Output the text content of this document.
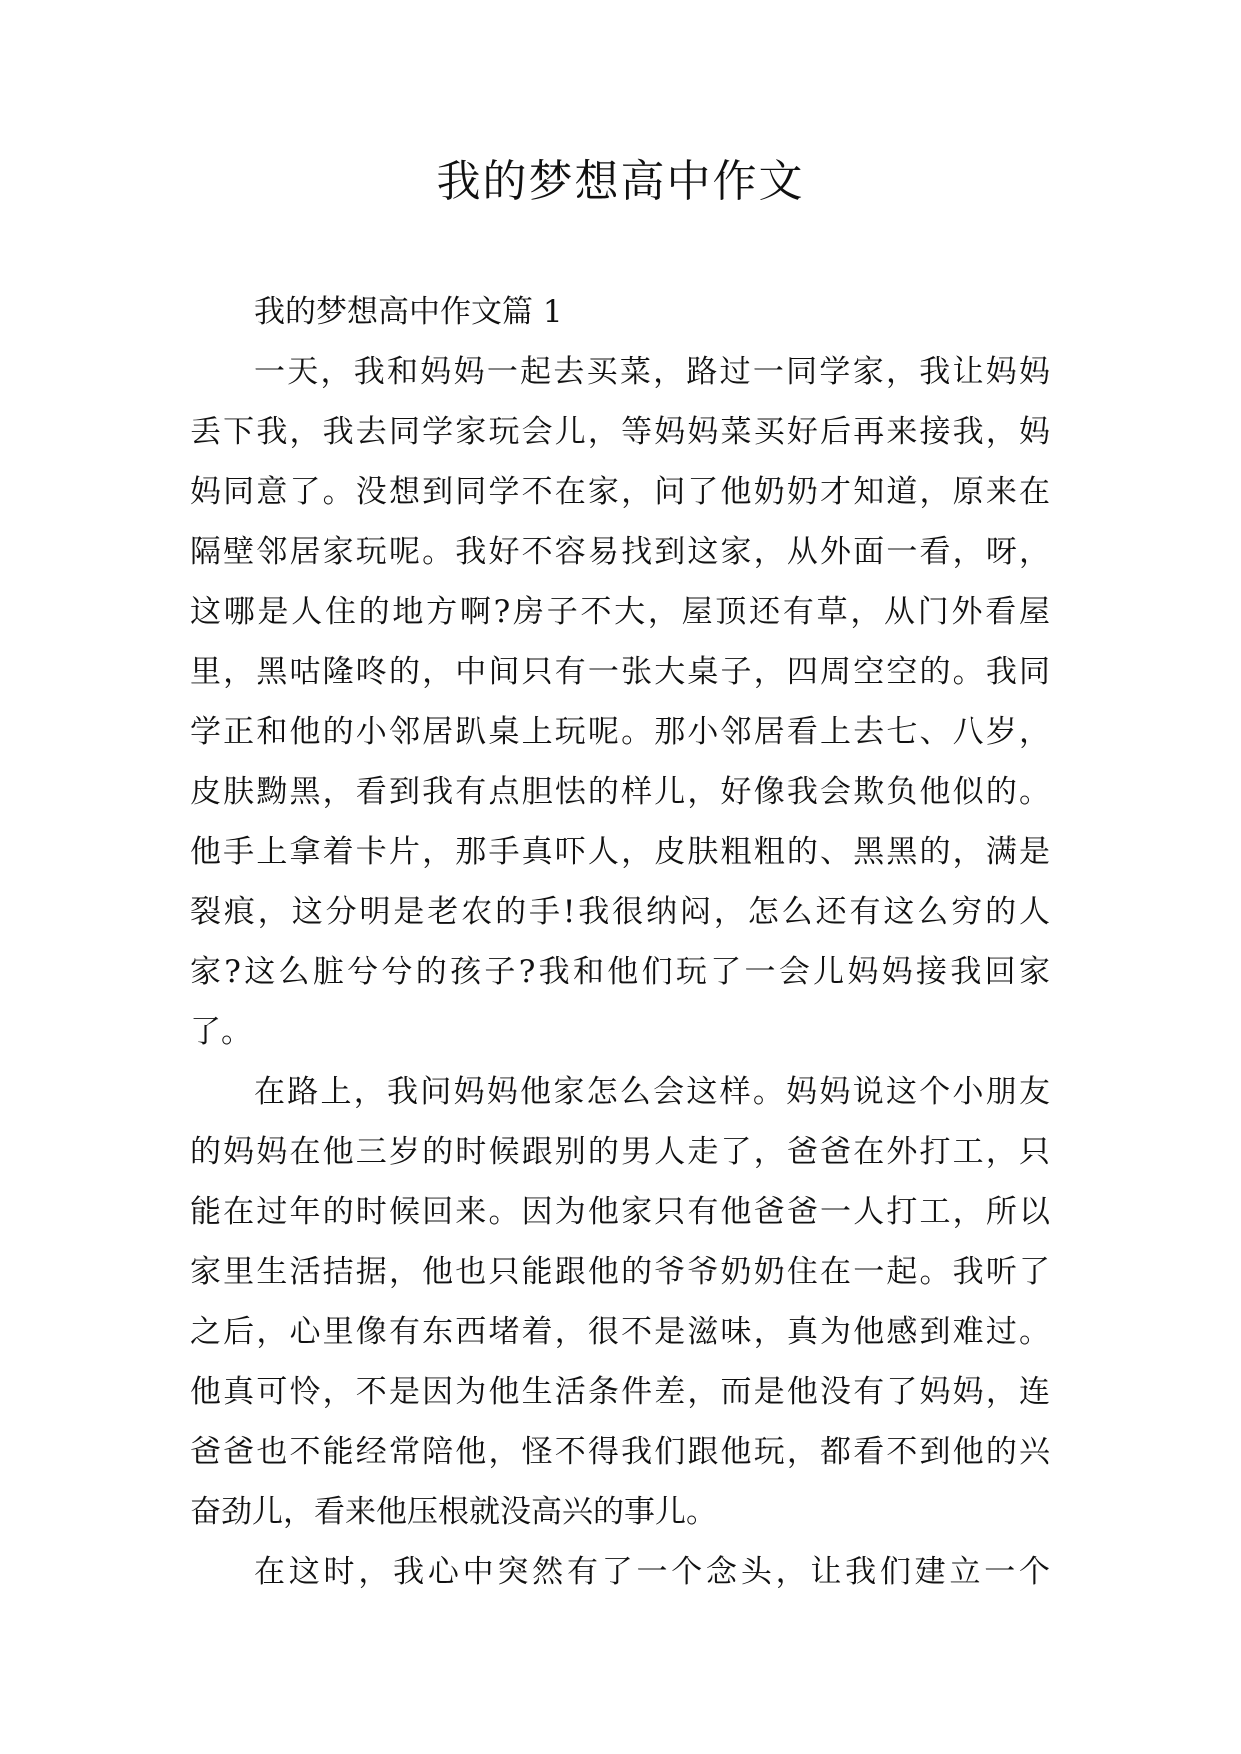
我的梦想高中作文

我的梦想高中作文篇 1

一天，我和妈妈一起去买菜，路过一同学家，我让妈妈

丢下我，我去同学家玩会儿，等妈妈菜买好后再来接我，妈

妈同意了。没想到同学不在家，问了他奶奶才知道，原来在

隔壁邻居家玩呢。我好不容易找到这家，从外面一看，呀，

这哪是人住的地方啊?房子不大，屋顶还有草，从门外看屋

里，黑咕隆咚的，中间只有一张大桌子，四周空空的。我同

学正和他的小邻居趴桌上玩呢。那小邻居看上去七、八岁，

皮肤黝黑，看到我有点胆怯的样儿，好像我会欺负他似的。

他手上拿着卡片，那手真吓人，皮肤粗粗的、黑黑的，满是

裂痕，这分明是老农的手!我很纳闷，怎么还有这么穷的人

家?这么脏兮兮的孩子?我和他们玩了一会儿妈妈接我回家

了。

在路上，我问妈妈他家怎么会这样。妈妈说这个小朋友

的妈妈在他三岁的时候跟别的男人走了，爸爸在外打工，只

能在过年的时候回来。因为他家只有他爸爸一人打工，所以

家里生活拮据，他也只能跟他的爷爷奶奶住在一起。我听了

之后，心里像有东西堵着，很不是滋味，真为他感到难过。

他真可怜，不是因为他生活条件差，而是他没有了妈妈，连

爸爸也不能经常陪他，怪不得我们跟他玩，都看不到他的兴

奋劲儿，看来他压根就没高兴的事儿。

在这时，我心中突然有了一个念头，让我们建立一个
